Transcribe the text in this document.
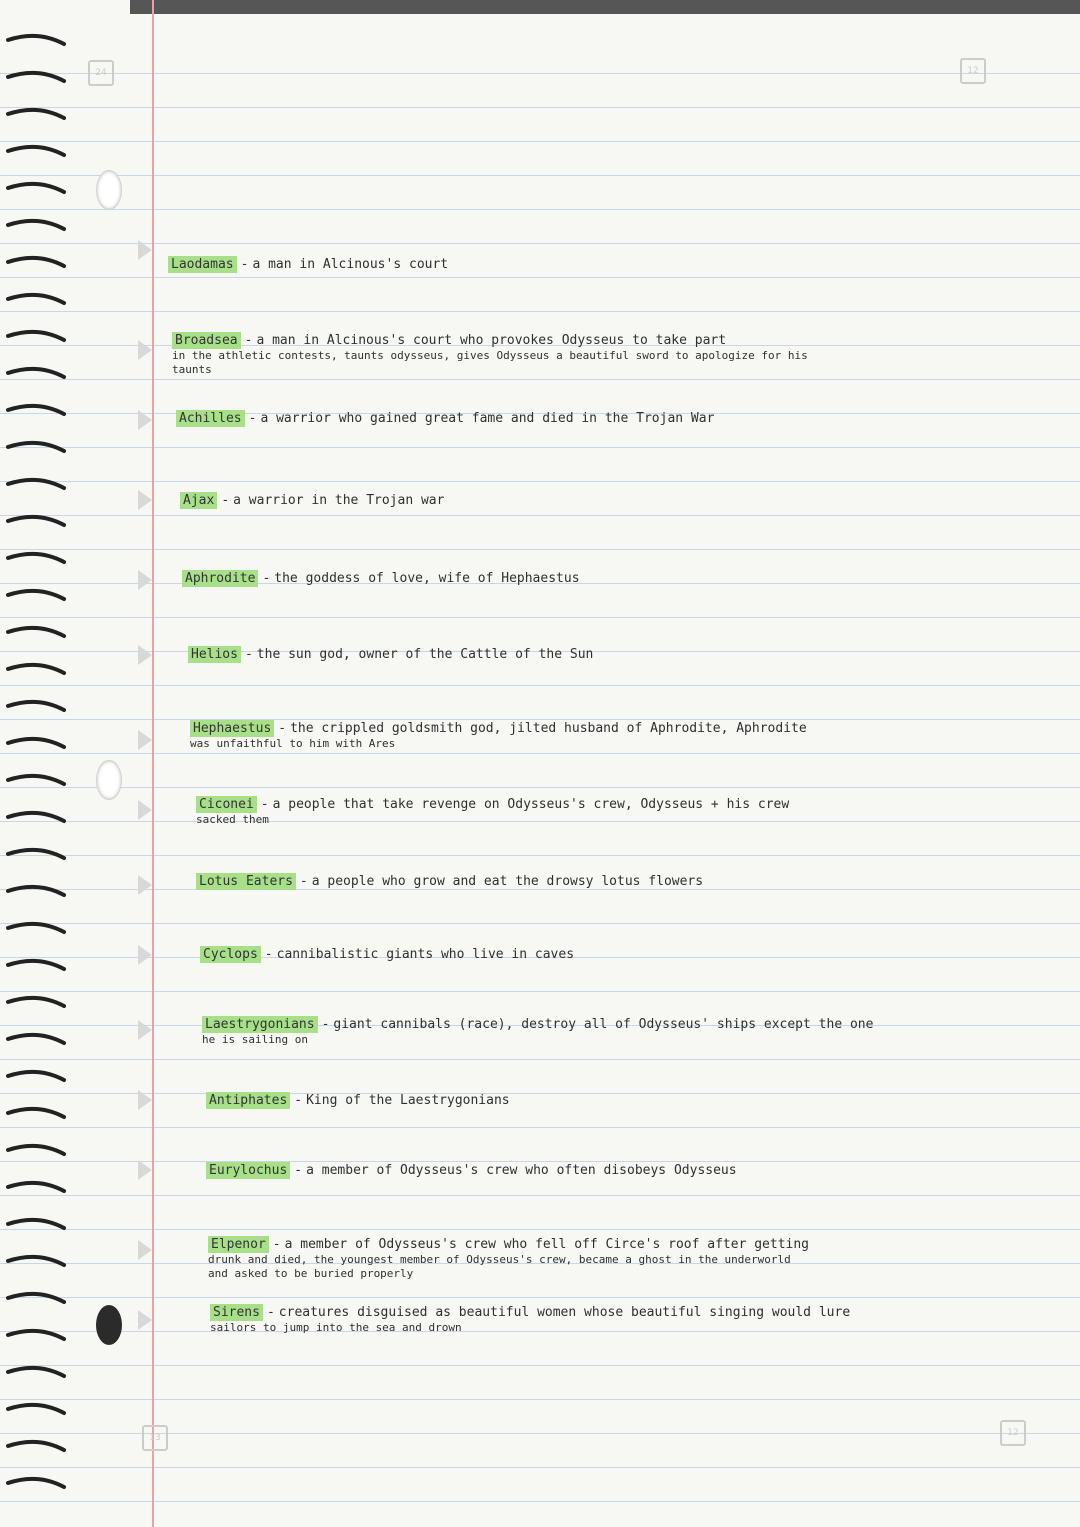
24	12
13	12
Laodamas - a man in Alcinous's court
Broadsea - a man in Alcinous's court who provokes Odysseus to take part
in the athletic contests, taunts odysseus, gives Odysseus a beautiful sword to apologize for his
taunts
Achilles - a warrior who gained great fame and died in the Trojan War
Ajax - a warrior in the Trojan war
Aphrodite - the goddess of love, wife of Hephaestus
Helios - the sun god, owner of the Cattle of the Sun
Hephaestus - the crippled goldsmith god, jilted husband of Aphrodite, Aphrodite
was unfaithful to him with Ares
Ciconei - a people that take revenge on Odysseus's crew, Odysseus + his crew
sacked them
Lotus Eaters - a people who grow and eat the drowsy lotus flowers
Cyclops - cannibalistic giants who live in caves
Laestrygonians - giant cannibals (race), destroy all of Odysseus' ships except the one
he is sailing on
Antiphates - King of the Laestrygonians
Eurylochus - a member of Odysseus's crew who often disobeys Odysseus
Elpenor - a member of Odysseus's crew who fell off Circe's roof after getting
drunk and died, the youngest member of Odysseus's crew, became a ghost in the underworld
and asked to be buried properly
Sirens - creatures disguised as beautiful women whose beautiful singing would lure
sailors to jump into the sea and drown
